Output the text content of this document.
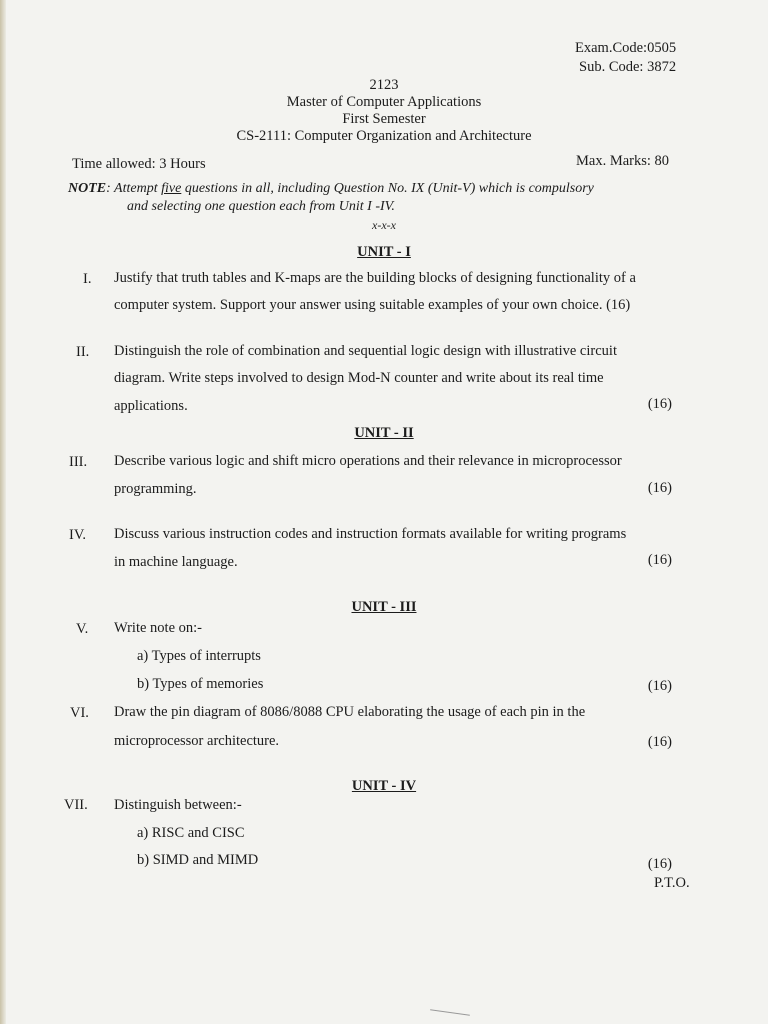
Exam.Code:0505
Sub. Code: 3872
2123
Master of Computer Applications
First Semester
CS-2111: Computer Organization and Architecture
Time allowed: 3 Hours	Max. Marks: 80
NOTE: Attempt five questions in all, including Question No. IX (Unit-V) which is compulsory
and selecting one question each from Unit I -IV.
x-x-x
UNIT - I
I. Justify that truth tables and K-maps are the building blocks of designing functionality of a
computer system. Support your answer using suitable examples of your own choice. (16)
II. Distinguish the role of combination and sequential logic design with illustrative circuit
diagram. Write steps involved to design Mod-N counter and write about its real time
applications.	(16)
UNIT - II
III. Describe various logic and shift micro operations and their relevance in microprocessor
programming.	(16)
IV. Discuss various instruction codes and instruction formats available for writing programs
in machine language.	(16)
UNIT - III
V. Write note on:-
a) Types of interrupts
b) Types of memories	(16)
VI. Draw the pin diagram of 8086/8088 CPU elaborating the usage of each pin in the
microprocessor architecture.	(16)
UNIT - IV
VII. Distinguish between:-
a) RISC and CISC
b) SIMD and MIMD	(16)
P.T.O.
